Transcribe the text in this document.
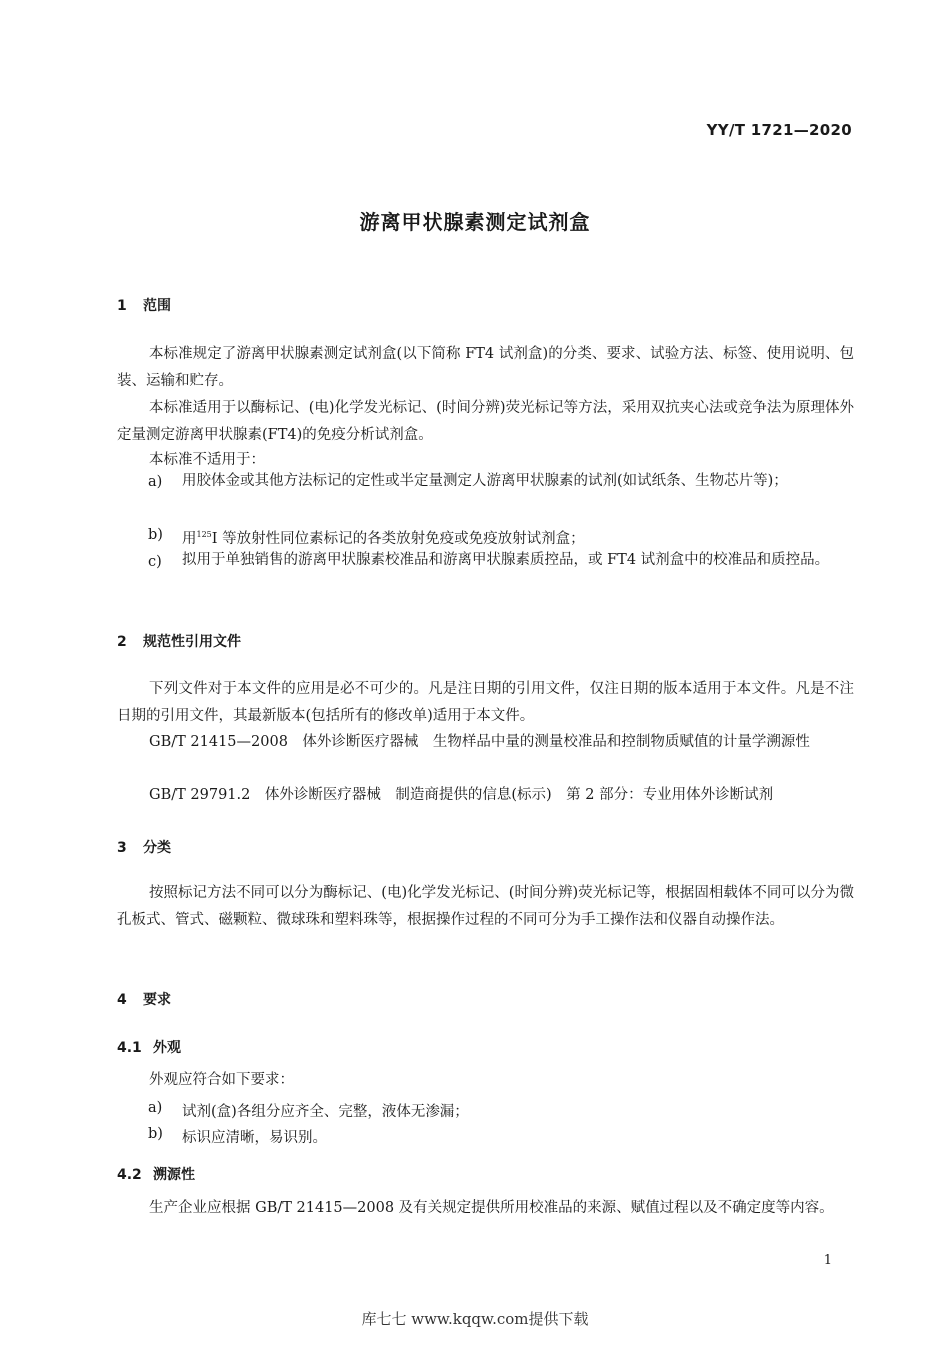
YY/T 1721—2020
游离甲状腺素测定试剂盒
1 范围
本标准规定了游离甲状腺素测定试剂盒(以下简称 FT4 试剂盒)的分类、要求、试验方法、标签、使用说明、包装、运输和贮存。
本标准适用于以酶标记、(电)化学发光标记、(时间分辨)荧光标记等方法，采用双抗夹心法或竞争法为原理体外定量测定游离甲状腺素(FT4)的免疫分析试剂盒。
本标准不适用于：
a) 用胶体金或其他方法标记的定性或半定量测定人游离甲状腺素的试剂(如试纸条、生物芯片等)；
b) 用$^{125}$I 等放射性同位素标记的各类放射免疫或免疫放射试剂盒；
c) 拟用于单独销售的游离甲状腺素校准品和游离甲状腺素质控品，或 FT4 试剂盒中的校准品和质控品。
2 规范性引用文件
下列文件对于本文件的应用是必不可少的。凡是注日期的引用文件，仅注日期的版本适用于本文件。凡是不注日期的引用文件，其最新版本(包括所有的修改单)适用于本文件。
GB/T 21415—2008　体外诊断医疗器械　生物样品中量的测量校准品和控制物质赋值的计量学溯源性
GB/T 29791.2　体外诊断医疗器械　制造商提供的信息(标示)　第 2 部分：专业用体外诊断试剂
3 分类
按照标记方法不同可以分为酶标记、(电)化学发光标记、(时间分辨)荧光标记等，根据固相载体不同可以分为微孔板式、管式、磁颗粒、微球珠和塑料珠等，根据操作过程的不同可分为手工操作法和仪器自动操作法。
4 要求
4.1 外观
外观应符合如下要求：
a) 试剂(盒)各组分应齐全、完整，液体无渗漏；
b) 标识应清晰，易识别。
4.2 溯源性
生产企业应根据 GB/T 21415—2008 及有关规定提供所用校准品的来源、赋值过程以及不确定度等内容。
1
库七七 www.kqqw.com提供下载
